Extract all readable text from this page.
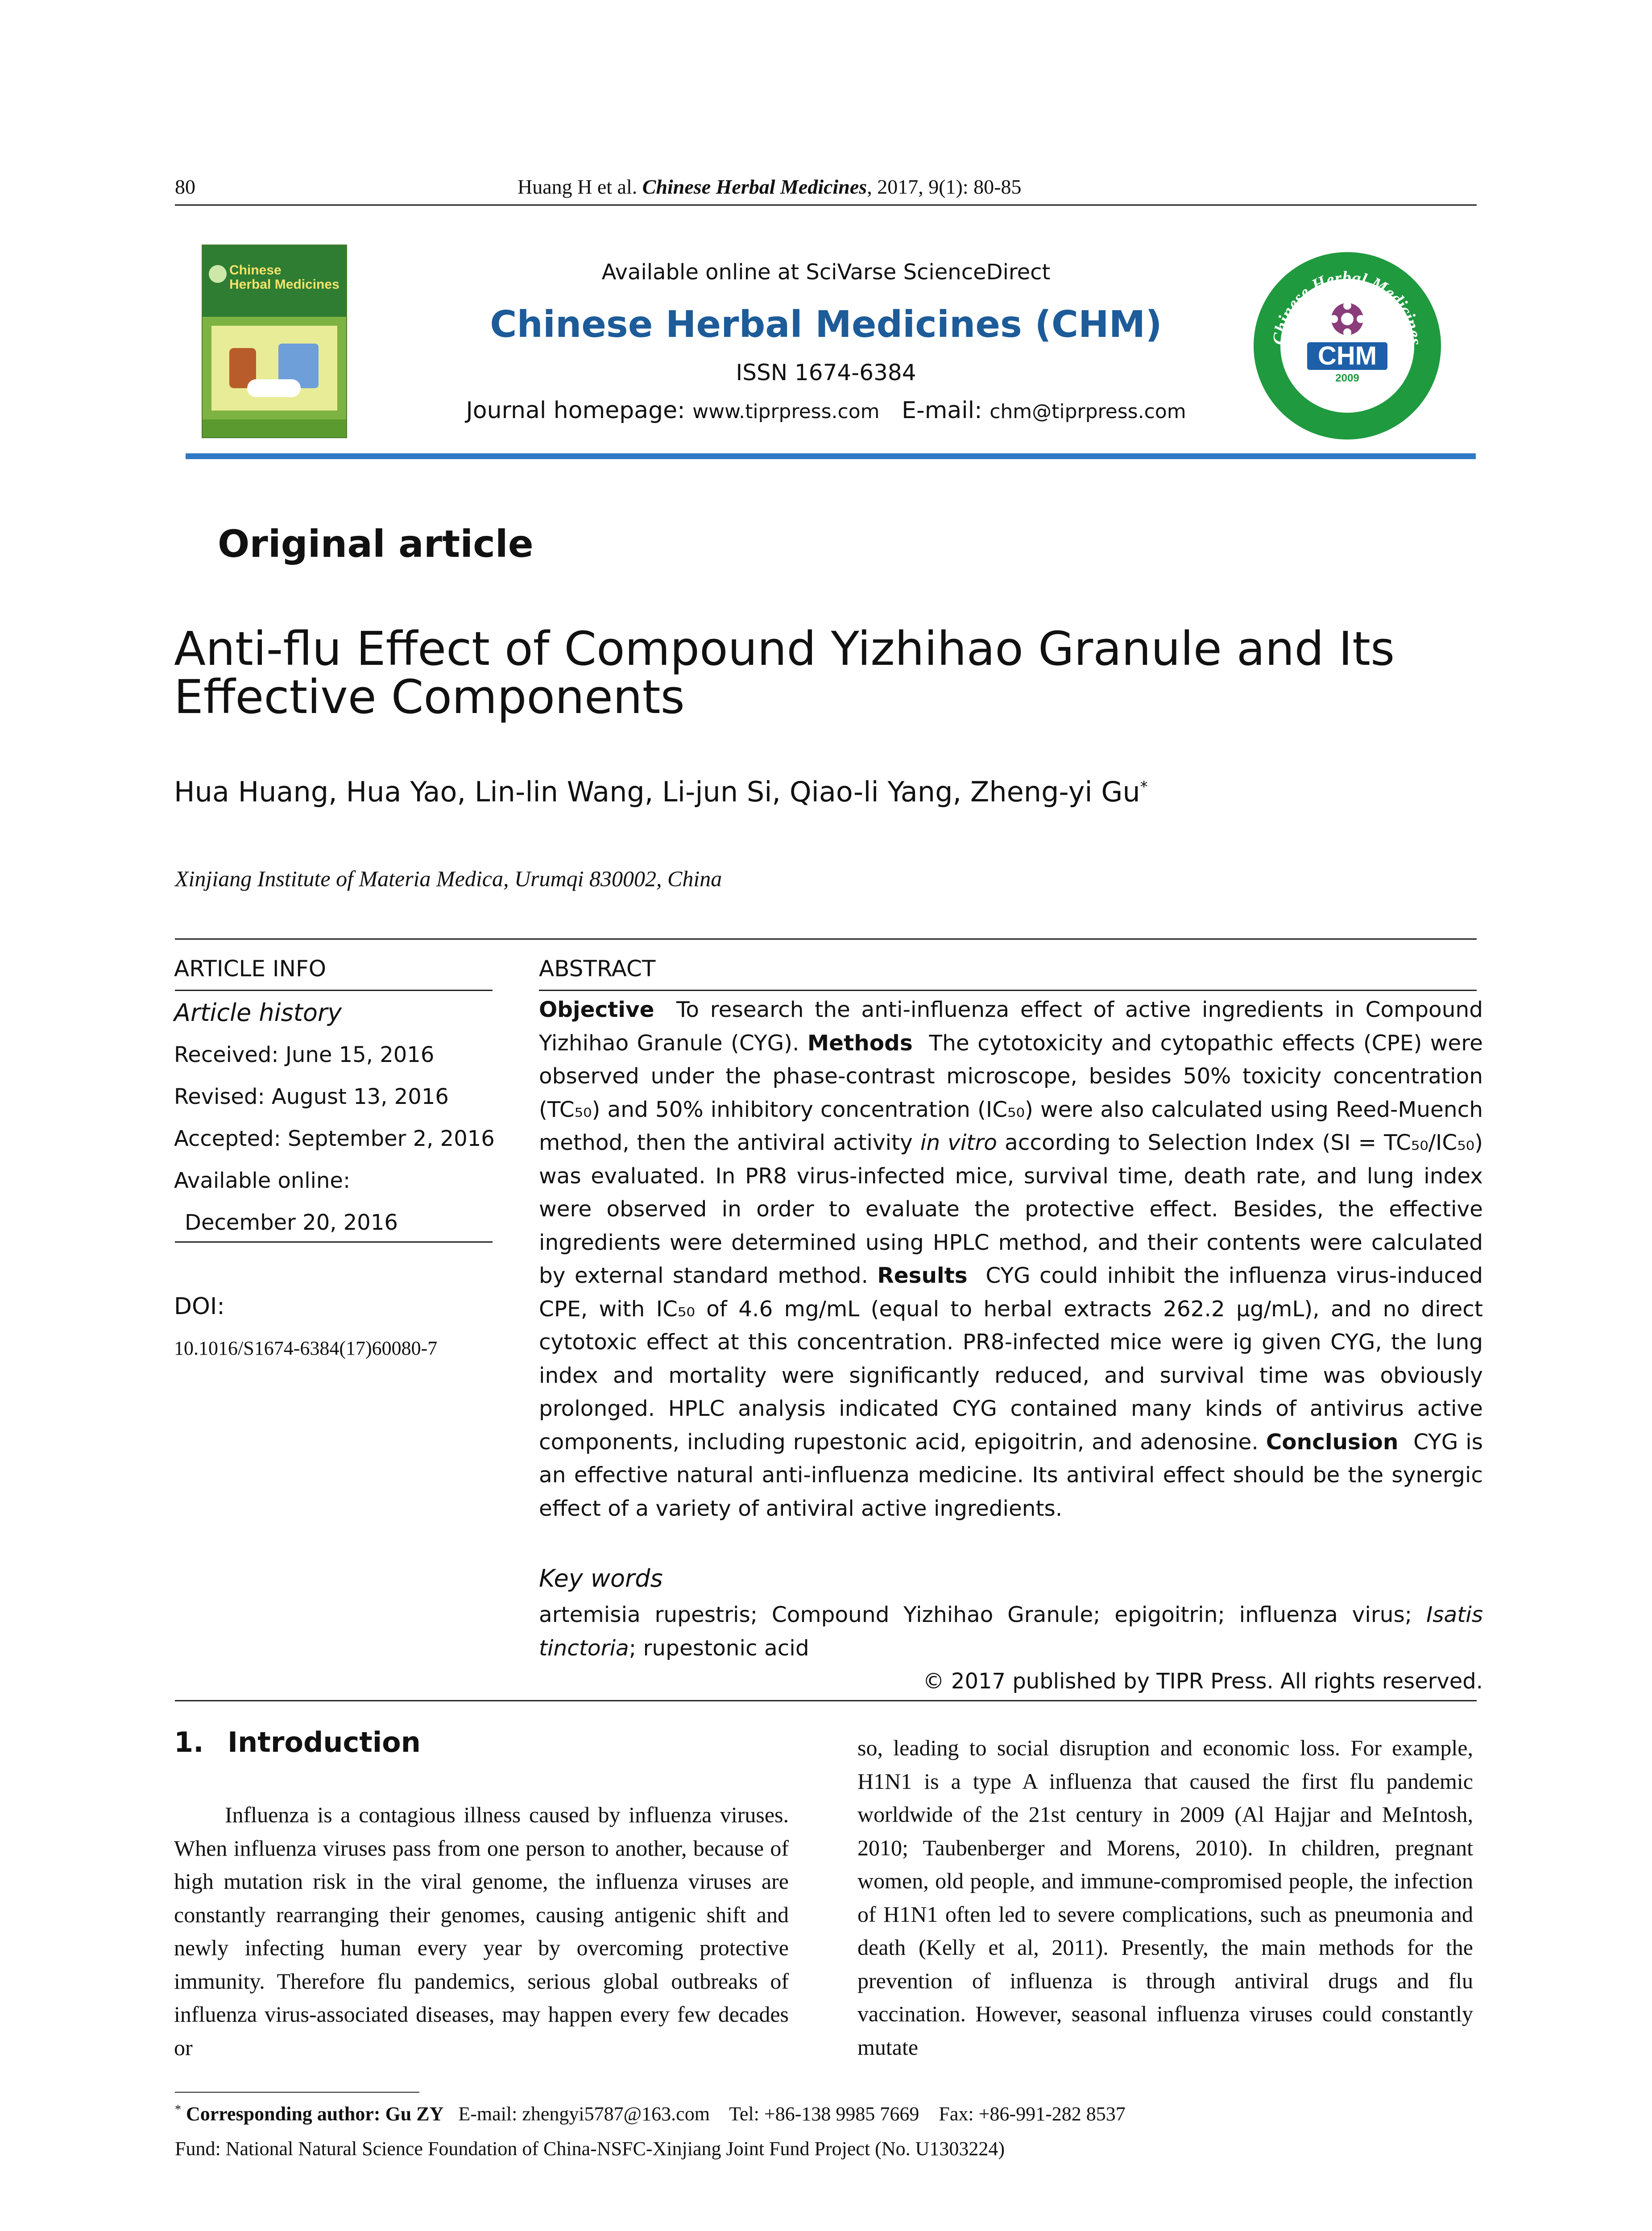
80	Huang H et al. Chinese Herbal Medicines, 2017, 9(1): 80-85
Chinese
Herbal Medicines	Available online at SciVarse ScienceDirect
Chinese Herbal Medicines (CHM)
ISSN 1674-6384
Journal homepage: www.tiprpress.com E-mail: chm@tiprpress.com
Chinese Herbal Medicines
TIPR PRESS
CHM
2009
Original article
Anti-flu Effect of Compound Yizhihao Granule and Its Effective Components
Hua Huang, Hua Yao, Lin-lin Wang, Li-jun Si, Qiao-li Yang, Zheng-yi Gu*
Xinjiang Institute of Materia Medica, Urumqi 830002, China
ARTICLE INFO	ABSTRACT
Article history
Received: June 15, 2016
Revised: August 13, 2016
Accepted: September 2, 2016
Available online:
December 20, 2016
DOI:
10.1016/S1674-6384(17)60080-7
Objective To research the anti-influenza effect of active ingredients in Compound Yizhihao Granule (CYG). Methods The cytotoxicity and cytopathic effects (CPE) were observed under the phase-contrast microscope, besides 50% toxicity concentration (TC₅₀) and 50% inhibitory concentration (IC₅₀) were also calculated using Reed-Muench method, then the antiviral activity in vitro according to Selection Index (SI = TC₅₀/IC₅₀) was evaluated. In PR8 virus-infected mice, survival time, death rate, and lung index were observed in order to evaluate the protective effect. Besides, the effective ingredients were determined using HPLC method, and their contents were calculated by external standard method. Results CYG could inhibit the influenza virus-induced CPE, with IC₅₀ of 4.6 mg/mL (equal to herbal extracts 262.2 μg/mL), and no direct cytotoxic effect at this concentration. PR8-infected mice were ig given CYG, the lung index and mortality were significantly reduced, and survival time was obviously prolonged. HPLC analysis indicated CYG contained many kinds of antivirus active components, including rupestonic acid, epigoitrin, and adenosine. Conclusion CYG is an effective natural anti-influenza medicine. Its antiviral effect should be the synergic effect of a variety of antiviral active ingredients.
Key words
artemisia rupestris; Compound Yizhihao Granule; epigoitrin; influenza virus; Isatis tinctoria; rupestonic acid
© 2017 published by TIPR Press. All rights reserved.
1. Introduction

Influenza is a contagious illness caused by influenza viruses. When influenza viruses pass from one person to another, because of high mutation risk in the viral genome, the influenza viruses are constantly rearranging their genomes, causing antigenic shift and newly infecting human every year by overcoming protective immunity. Therefore flu pandemics, serious global outbreaks of influenza virus-associated diseases, may happen every few decades or

so, leading to social disruption and economic loss. For example, H1N1 is a type A influenza that caused the first flu pandemic worldwide of the 21st century in 2009 (Al Hajjar and MeIntosh, 2010; Taubenberger and Morens, 2010). In children, pregnant women, old people, and immune-compromised people, the infection of H1N1 often led to severe complications, such as pneumonia and death (Kelly et al, 2011). Presently, the main methods for the prevention of influenza is through antiviral drugs and flu vaccination. However, seasonal influenza viruses could constantly mutate

* Corresponding author: Gu ZY   E-mail: zhengyi5787@163.com    Tel: +86-138 9985 7669    Fax: +86-991-282 8537
Fund: National Natural Science Foundation of China-NSFC-Xinjiang Joint Fund Project (No. U1303224)
